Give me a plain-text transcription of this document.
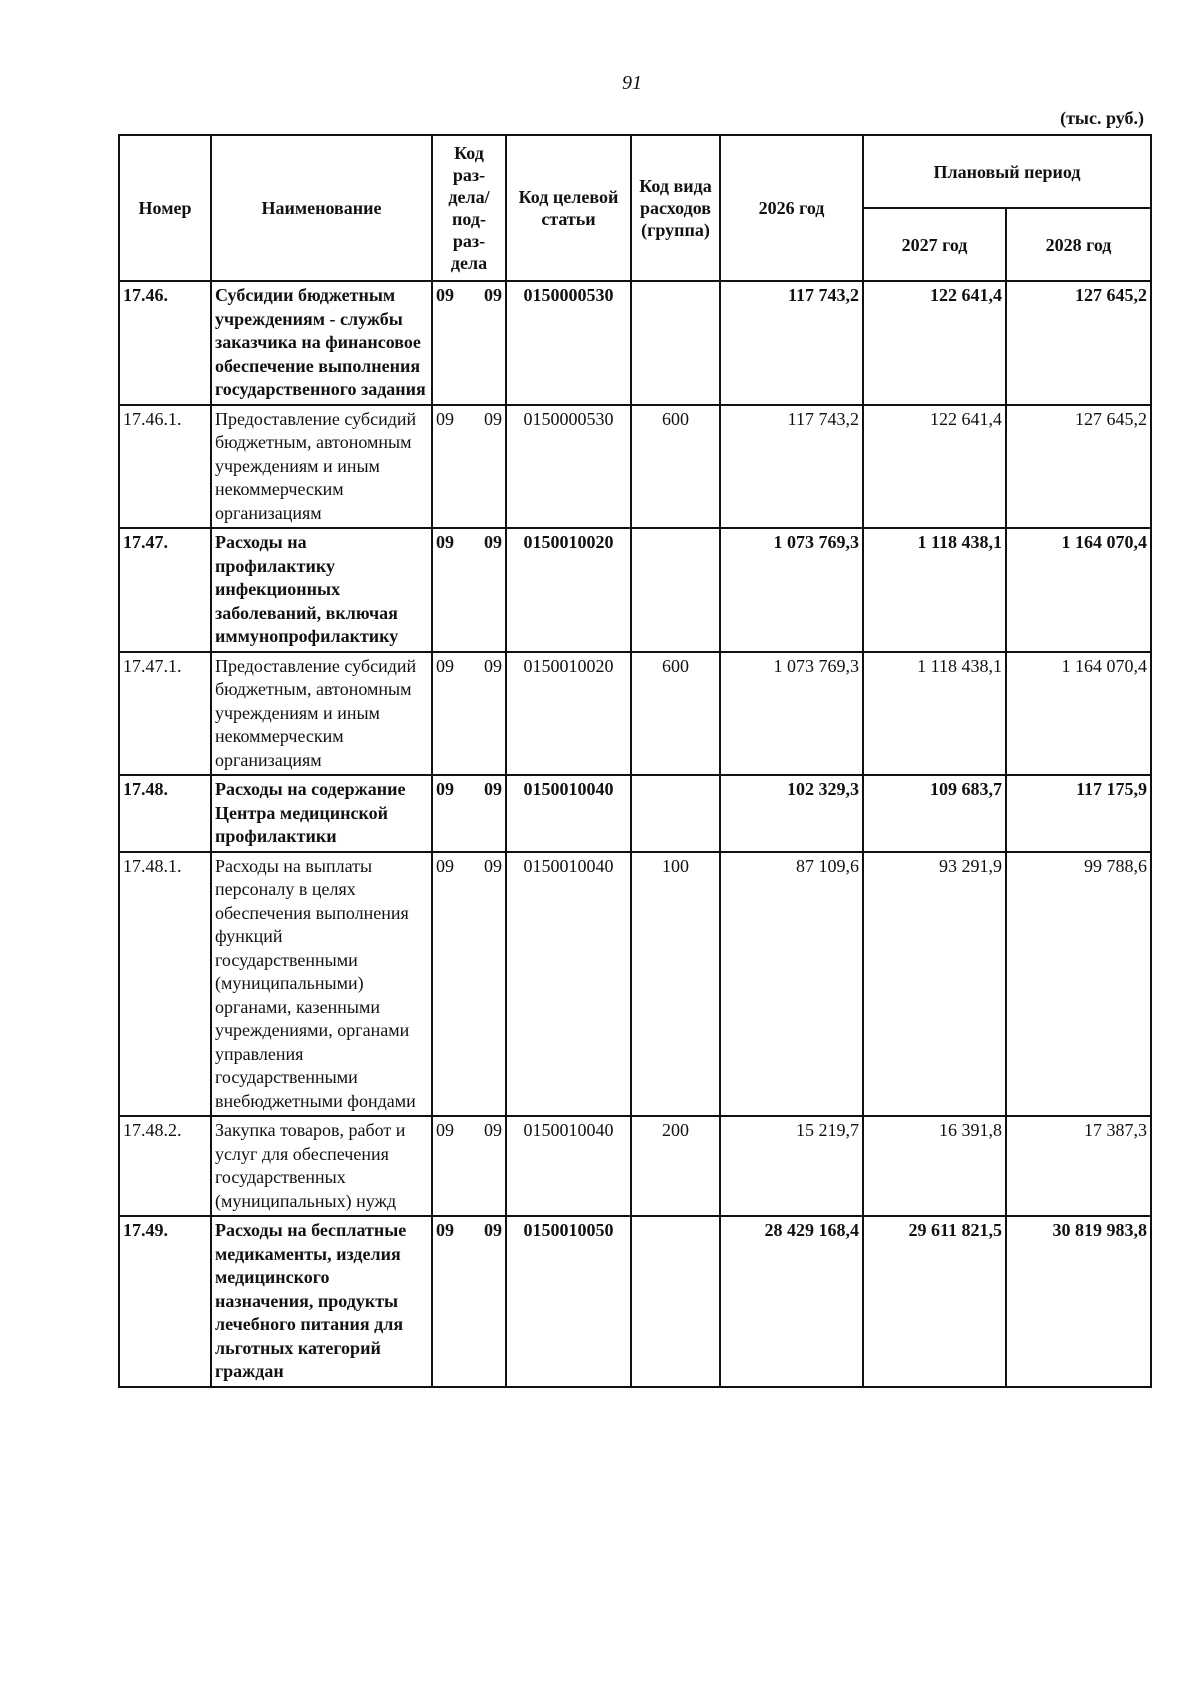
91
(тыс. руб.)
Номер	Наименование	Код раз-дела/ под-раз-дела	Код целевой статьи	Код вида расходов (группа)	2026 год	Плановый период	
						2027 год	2028 год
17.46.	Субсидии бюджетным учреждениям - службы заказчика на финансовое обеспечение выполнения государственного задания	09 09	0150000530		117 743,2	122 641,4	127 645,2
17.46.1.	Предоставление субсидий бюджетным, автономным учреждениям и иным некоммерческим организациям	09 09	0150000530	600	117 743,2	122 641,4	127 645,2
17.47.	Расходы на профилактику инфекционных заболеваний, включая иммунопрофилактику	09 09	0150010020		1 073 769,3	1 118 438,1	1 164 070,4
17.47.1.	Предоставление субсидий бюджетным, автономным учреждениям и иным некоммерческим организациям	09 09	0150010020	600	1 073 769,3	1 118 438,1	1 164 070,4
17.48.	Расходы на содержание Центра медицинской профилактики	09 09	0150010040		102 329,3	109 683,7	117 175,9
17.48.1.	Расходы на выплаты персоналу в целях обеспечения выполнения функций государственными (муниципальными) органами, казенными учреждениями, органами управления государственными внебюджетными фондами	09 09	0150010040	100	87 109,6	93 291,9	99 788,6
17.48.2.	Закупка товаров, работ и услуг для обеспечения государственных (муниципальных) нужд	09 09	0150010040	200	15 219,7	16 391,8	17 387,3
17.49.	Расходы на бесплатные медикаменты, изделия медицинского назначения, продукты лечебного питания для льготных категорий граждан	09 09	0150010050		28 429 168,4	29 611 821,5	30 819 983,8
